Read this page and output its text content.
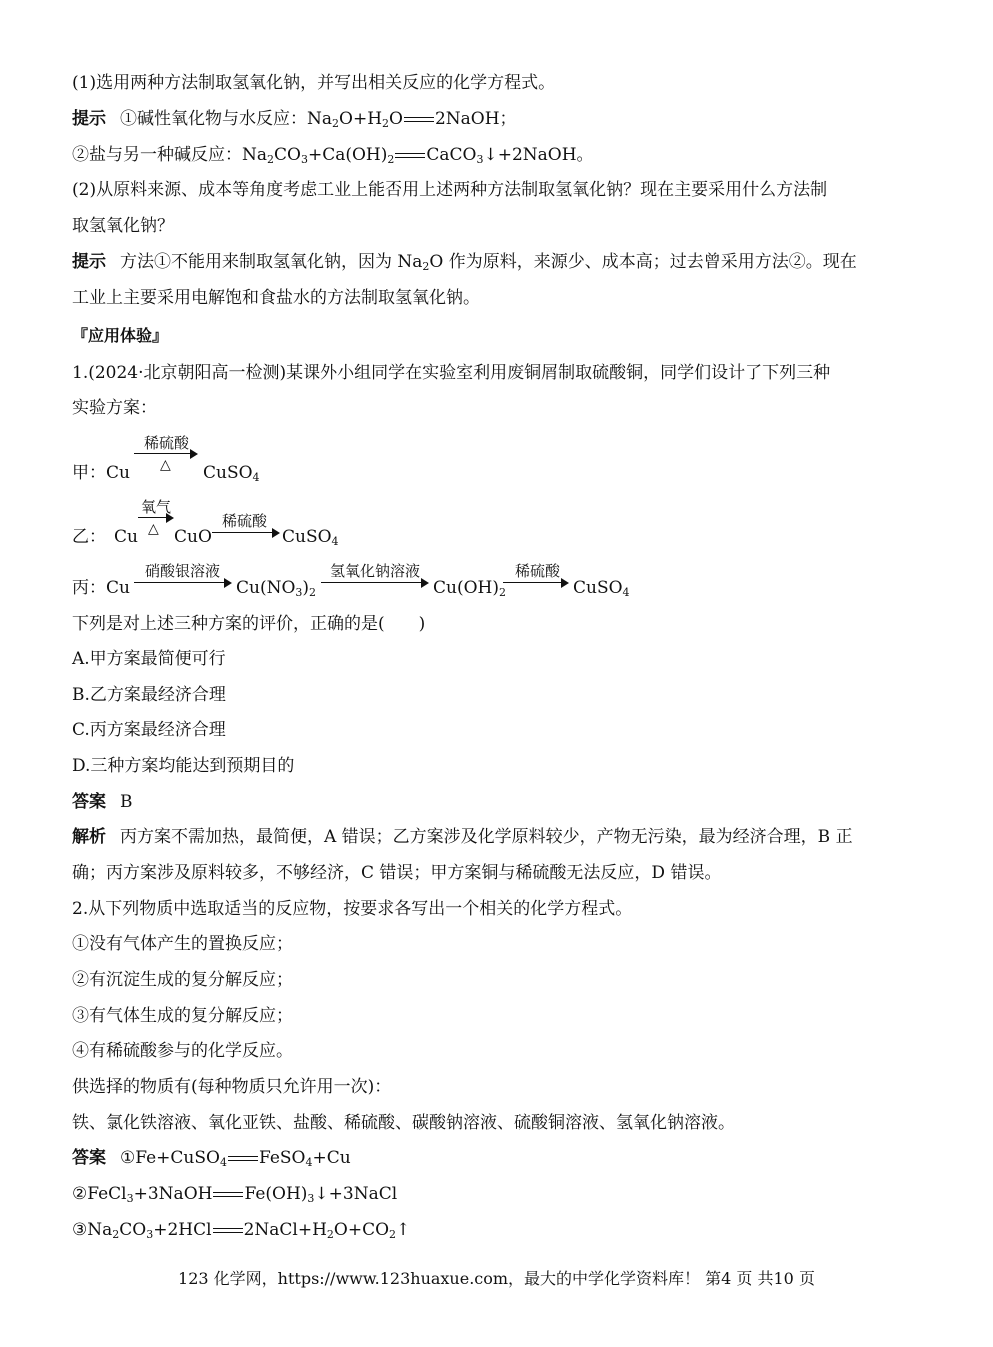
(1)选用两种方法制取氢氧化钠，并写出相关反应的化学方程式。
提示 ①碱性氧化物与水反应：$Na_2O+H_2O$ 2NaOH；
②盐与另一种碱反应：$Na_2CO_3+Ca(OH)_2$ CaCO$_3$↓+2NaOH。
(2)从原料来源、成本等角度考虑工业上能否用上述两种方法制取氢氧化钠？现在主要采用什么方法制
取氢氧化钠？
提示 方法①不能用来制取氢氧化钠，因为 $Na_2O$ 作为原料，来源少、成本高；过去曾采用方法②。现在
工业上主要采用电解饱和食盐水的方法制取氢氧化钠。
『应用体验』
1.(2024·北京朝阳高一检测)某课外小组同学在实验室利用废铜屑制取硫酸铜，同学们设计了下列三种
实验方案：
甲：Cu
稀硫酸
△ CuSO$_4$
乙： Cu
氧气
△ CuO
稀硫酸
CuSO$_4$
丙：Cu
硝酸银溶液
$Cu(NO_3)_2$
氢氧化钠溶液
$Cu(OH)_2$
稀硫酸
CuSO$_4$
下列是对上述三种方案的评价，正确的是(　　)
A.甲方案最简便可行
B.乙方案最经济合理
C.丙方案最经济合理
D.三种方案均能达到预期目的
答案 B
解析 丙方案不需加热，最简便，A 错误；乙方案涉及化学原料较少，产物无污染，最为经济合理，B 正
确；丙方案涉及原料较多，不够经济，C 错误；甲方案铜与稀硫酸无法反应，D 错误。
2.从下列物质中选取适当的反应物，按要求各写出一个相关的化学方程式。
①没有气体产生的置换反应；
②有沉淀生成的复分解反应；
③有气体生成的复分解反应；
④有稀硫酸参与的化学反应。
供选择的物质有(每种物质只允许用一次)：
铁、氯化铁溶液、氧化亚铁、盐酸、稀硫酸、碳酸钠溶液、硫酸铜溶液、氢氧化钠溶液。
答案 ①Fe+CuSO$_4$ FeSO$_4$+Cu
②FeCl$_3$+3NaOH $Fe(OH)_3↓+3NaCl$
$③Na_2CO_3+2HCl$ $2NaCl+H_2O+CO_2↑$
123 化学网，https://www.123huaxue.com，最大的中学化学资料库！ 第4 页 共10 页
